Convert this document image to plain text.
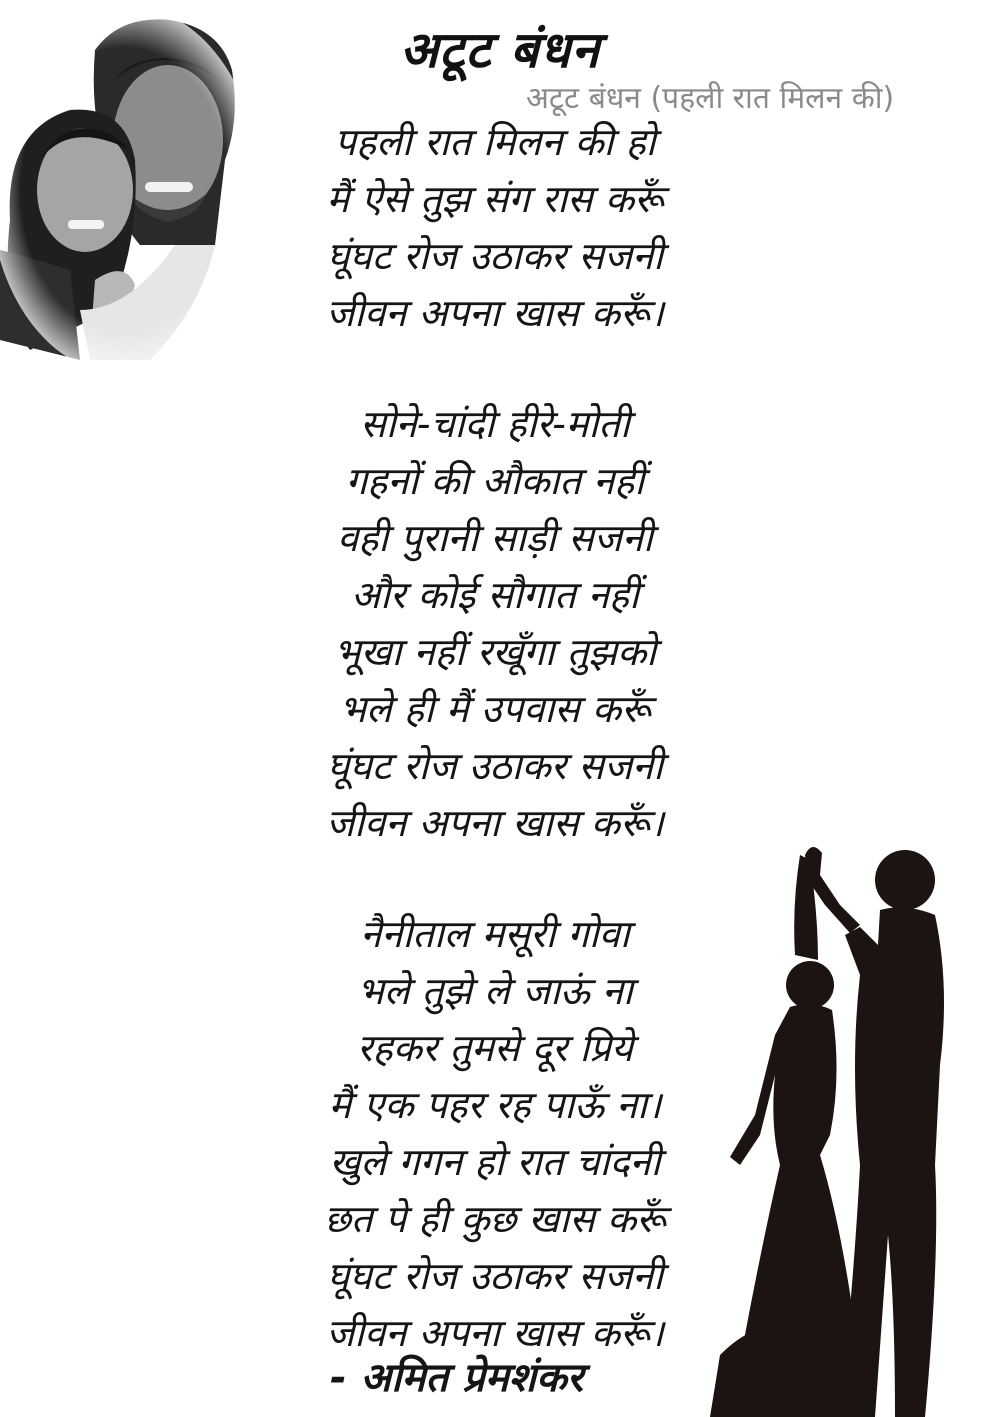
अटूट बंधन
अटूट बंधन (पहली रात मिलन की)
पहली रात मिलन की हो
मैं ऐसे तुझ संग रास करूँ
घूंघट रोज उठाकर सजनी
जीवन अपना खास करूँ।
सोने-चांदी हीरे-मोती
गहनों की औकात नहीं
वही पुरानी साड़ी सजनी
और कोई सौगात नहीं
भूखा नहीं रखूँगा तुझको
भले ही मैं उपवास करूँ
घूंघट रोज उठाकर सजनी
जीवन अपना खास करूँ।
नैनीताल मसूरी गोवा
भले तुझे ले जाऊं ना
रहकर तुमसे दूर प्रिये
मैं एक पहर रह पाऊँ ना।
खुले गगन हो रात चांदनी
छत पे ही कुछ खास करूँ
घूंघट रोज उठाकर सजनी
जीवन अपना खास करूँ।
- अमित प्रेमशंकर
